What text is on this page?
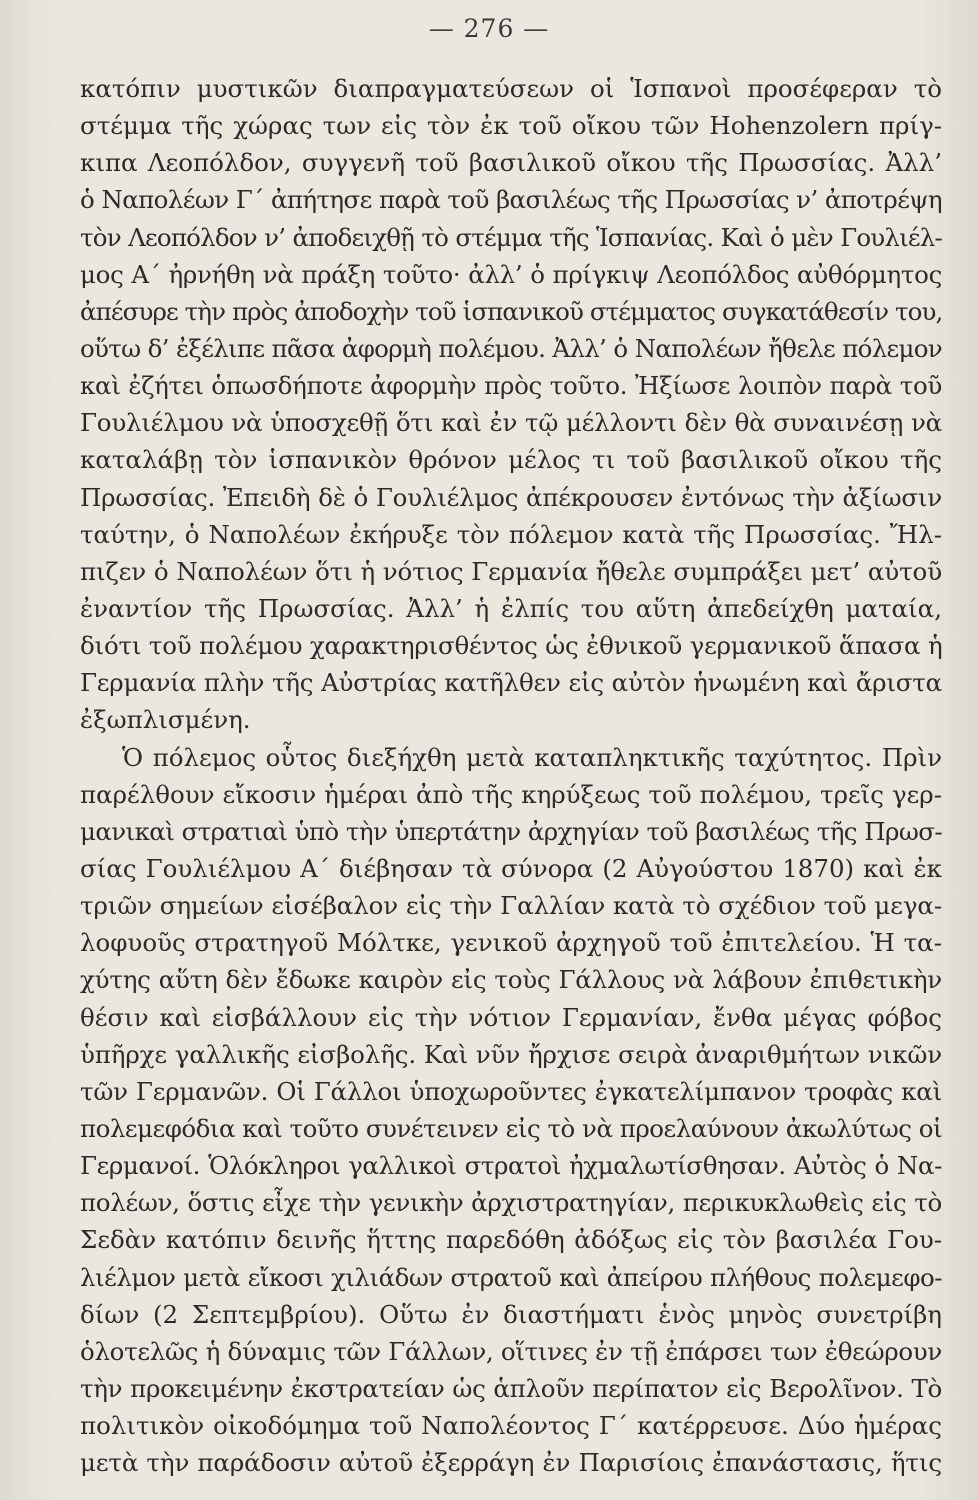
— 276 —
κατόπιν μυστικῶν διαπραγματεύσεων οἱ Ἱσπανοὶ προσέφεραν τὸ
στέμμα τῆς χώρας των εἰς τὸν ἐκ τοῦ οἴκου τῶν Hohenzolern πρίγ-
κιπα Λεοπόλδον, συγγενῆ τοῦ βασιλικοῦ οἴκου τῆς Πρωσσίας. Ἀλλ’
ὁ Ναπολέων Γ΄ ἀπήτησε παρὰ τοῦ βασιλέως τῆς Πρωσσίας ν’ ἀποτρέψη
τὸν Λεοπόλδον ν’ ἀποδειχθῇ τὸ στέμμα τῆς Ἱσπανίας. Καὶ ὁ μὲν Γουλιέλ-
μος Α΄ ἠρνήθη νὰ πράξη τοῦτο· ἀλλ’ ὁ πρίγκιψ Λεοπόλδος αὐθόρμητος
ἀπέσυρε τὴν πρὸς ἀποδοχὴν τοῦ ἱσπανικοῦ στέμματος συγκατάθεσίν του,
οὕτω δ’ ἐξέλιπε πᾶσα ἀφορμὴ πολέμου. Ἀλλ’ ὁ Ναπολέων ἤθελε πόλεμον
καὶ ἐζήτει ὁπωσδήποτε ἀφορμὴν πρὸς τοῦτο. Ἠξίωσε λοιπὸν παρὰ τοῦ
Γουλιέλμου νὰ ὑποσχεθῇ ὅτι καὶ ἐν τῷ μέλλοντι δὲν θὰ συναινέσῃ νὰ
καταλάβῃ τὸν ἱσπανικὸν θρόνον μέλος τι τοῦ βασιλικοῦ οἴκου τῆς
Πρωσσίας. Ἐπειδὴ δὲ ὁ Γουλιέλμος ἀπέκρουσεν ἐντόνως τὴν ἀξίωσιν
ταύτην, ὁ Ναπολέων ἐκήρυξε τὸν πόλεμον κατὰ τῆς Πρωσσίας. Ἤλ-
πιζεν ὁ Ναπολέων ὅτι ἡ νότιος Γερμανία ἤθελε συμπράξει μετ’ αὐτοῦ
ἐναντίον τῆς Πρωσσίας. Ἀλλ’ ἡ ἐλπίς του αὕτη ἀπεδείχθη ματαία,
διότι τοῦ πολέμου χαρακτηρισθέντος ὡς ἐθνικοῦ γερμανικοῦ ἅπασα ἡ
Γερμανία πλὴν τῆς Αὐστρίας κατῆλθεν εἰς αὐτὸν ἡνωμένη καὶ ἄριστα
ἐξωπλισμένη.
Ὁ πόλεμος οὗτος διεξήχθη μετὰ καταπληκτικῆς ταχύτητος. Πρὶν
παρέλθουν εἴκοσιν ἡμέραι ἀπὸ τῆς κηρύξεως τοῦ πολέμου, τρεῖς γερ-
μανικαὶ στρατιαὶ ὑπὸ τὴν ὑπερτάτην ἀρχηγίαν τοῦ βασιλέως τῆς Πρωσ-
σίας Γουλιέλμου Α΄ διέβησαν τὰ σύνορα (2 Αὐγούστου 1870) καὶ ἐκ
τριῶν σημείων εἰσέβαλον εἰς τὴν Γαλλίαν κατὰ τὸ σχέδιον τοῦ μεγα-
λοφυοῦς στρατηγοῦ Μόλτκε, γενικοῦ ἀρχηγοῦ τοῦ ἐπιτελείου. Ἡ τα-
χύτης αὕτη δὲν ἔδωκε καιρὸν εἰς τοὺς Γάλλους νὰ λάβουν ἐπιθετικὴν
θέσιν καὶ εἰσβάλλουν εἰς τὴν νότιον Γερμανίαν, ἔνθα μέγας φόβος
ὑπῆρχε γαλλικῆς εἰσβολῆς. Καὶ νῦν ἤρχισε σειρὰ ἀναριθμήτων νικῶν
τῶν Γερμανῶν. Οἱ Γάλλοι ὑποχωροῦντες ἐγκατελίμπανον τροφὰς καὶ
πολεμεφόδια καὶ τοῦτο συνέτεινεν εἰς τὸ νὰ προελαύνουν ἀκωλύτως οἱ
Γερμανοί. Ὁλόκληροι γαλλικοὶ στρατοὶ ἠχμαλωτίσθησαν. Αὐτὸς ὁ Να-
πολέων, ὅστις εἶχε τὴν γενικὴν ἀρχιστρατηγίαν, περικυκλωθεὶς εἰς τὸ
Σεδὰν κατόπιν δεινῆς ἥττης παρεδόθη ἀδόξως εἰς τὸν βασιλέα Γου-
λιέλμον μετὰ εἴκοσι χιλιάδων στρατοῦ καὶ ἀπείρου πλήθους πολεμεφο-
δίων (2 Σεπτεμβρίου). Οὕτω ἐν διαστήματι ἑνὸς μηνὸς συνετρίβη
ὁλοτελῶς ἡ δύναμις τῶν Γάλλων, οἵτινες ἐν τῇ ἐπάρσει των ἐθεώρουν
τὴν προκειμένην ἐκστρατείαν ὡς ἁπλοῦν περίπατον εἰς Βερολῖνον. Τὸ
πολιτικὸν οἰκοδόμημα τοῦ Ναπολέοντος Γ΄ κατέρρευσε. Δύο ἡμέρας
μετὰ τὴν παράδοσιν αὐτοῦ ἐξερράγη ἐν Παρισίοις ἐπανάστασις, ἥτις
